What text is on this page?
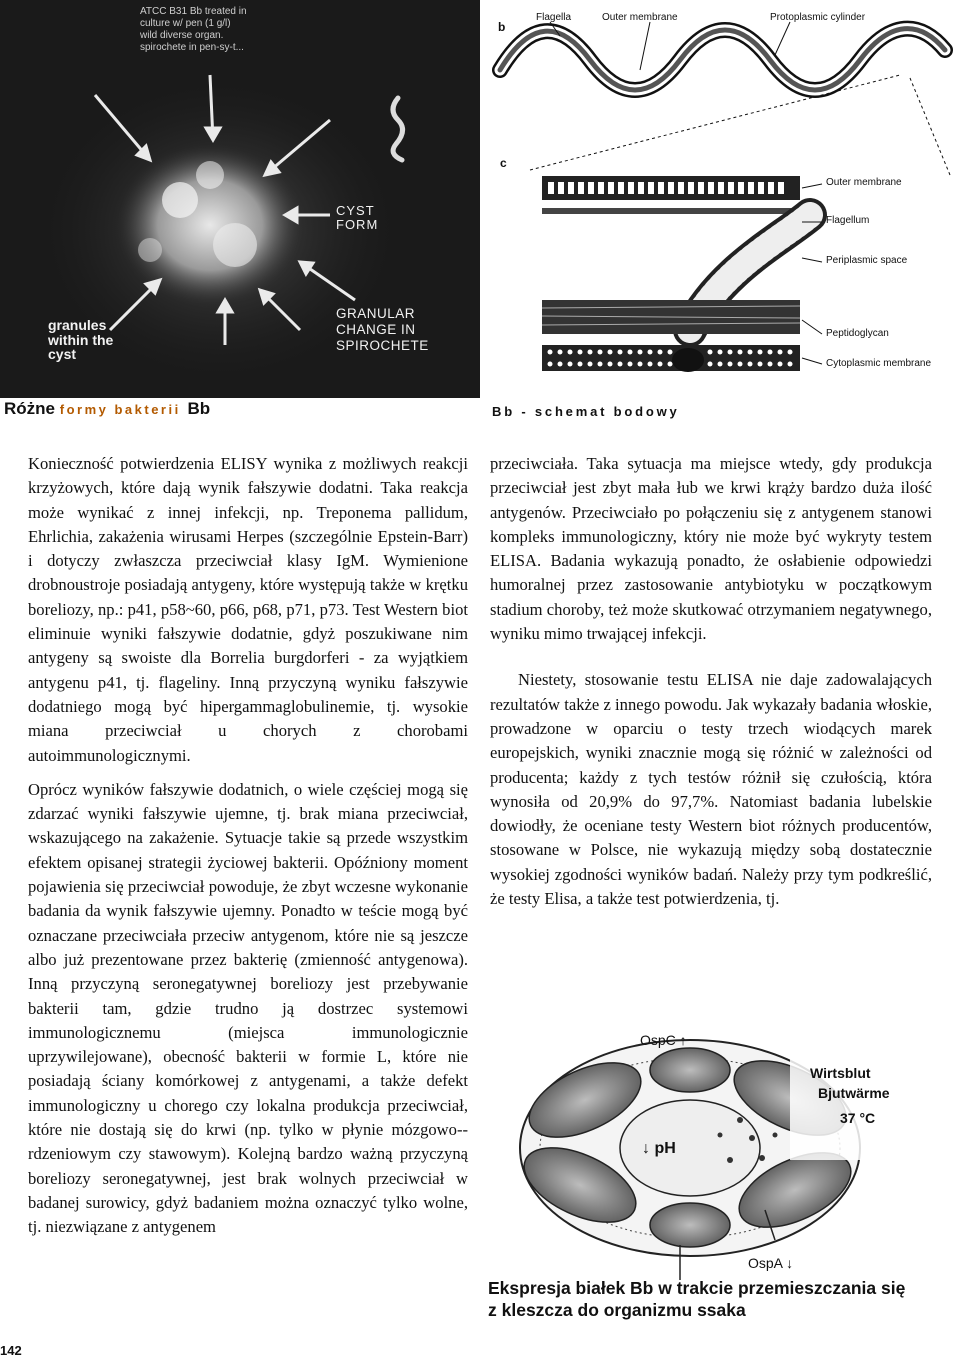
ATCC B31 Bb treated in
culture w/ pen (1 g/l)
wild diverse organ.
spirochete in pen-sy-t...
CYST
FORM
granules
within the
cyst
GRANULAR
CHANGE IN
SPIROCHETE
b
Flagella	Outer membrane	Protoplasmic cylinder
c
Outer membrane
Flagellum
Periplasmic space
Peptidoglycan
Cytoplasmic membrane
Różne formy bakterii Bb	Bb - schemat bodowy

Konieczność potwierdzenia ELISY wynika z możliwych reakcji krzyżowych, które dają wynik fałszywie dodatni. Taka reakcja może wynikać z innej infekcji, np. Treponema pallidum, Ehrlichia, zakażenia wirusami Herpes (szczególnie Epstein-Barr) i dotyczy zwłaszcza przeciwciał klasy IgM. Wymienione drobnoustroje posiadają antygeny, które występują także w krętku boreliozy, np.: p41, p58~60, p66, p68, p71, p73. Test Western biot eliminuie wyniki fałszywie dodatnie, gdyż poszukiwane nim antygeny są swoiste dla Borrelia burgdorferi - za wyjątkiem antygenu p41, tj. flageliny. Inną przyczyną wyniku fałszywie dodatniego mogą być hipergammaglobulinemie, tj. wysokie miana przeciwciał u chorych z chorobami autoimmunologicznymi.

Oprócz wyników fałszywie dodatnich, o wiele częściej mogą się zdarzać wyniki fałszywie ujemne, tj. brak miana przeciwciał, wskazującego na zakażenie. Sytuacje takie są przede wszystkim efektem opisanej strategii życiowej bakterii. Opóźniony moment pojawienia się przeciwciał powoduje, że zbyt wczesne wykonanie badania da wynik fałszywie ujemny. Ponadto w teście mogą być oznaczane przeciwciała przeciw antygenom, które nie są jeszcze albo już prezentowane przez bakterię (zmienność antygenowa). Inną przyczyną seronegatywnej boreliozy jest przebywanie bakterii tam, gdzie trudno ją dostrzec systemowi immunologicznemu (miejsca immunologicznie uprzywilejowane), obecność bakterii w formie L, które nie posiadają ściany komórkowej z antygenami, a także defekt immunologiczny u chorego czy lokalna produkcja przeciwciał, które nie dostają się do krwi (np. tylko w płynie mózgowo--rdzeniowym czy stawowym). Kolejną bardzo ważną przyczyną boreliozy seronegatywnej, jest brak wolnych przeciwciał w badanej surowicy, gdyż badaniem można oznaczyć tylko wolne, tj. niezwiązane z antygenem

przeciwciała. Taka sytuacja ma miejsce wtedy, gdy produkcja przeciwciał jest zbyt mała łub we krwi krąży bardzo duża ilość antygenów. Przeciwciało po połączeniu się z antygenem stanowi kompleks immunologiczny, który nie może być wykryty testem ELISA. Badania wykazują ponadto, że osłabienie odpowiedzi humoralnej przez zastosowanie antybiotyku w początkowym stadium choroby, też może skutkować otrzymaniem negatywnego, wyniku mimo trwającej infekcji.

Niestety, stosowanie testu ELISA nie daje zadowalających rezultatów także z innego powodu. Jak wykazały badania włoskie, prowadzone w oparciu o testy trzech wiodących marek europejskich, wyniki znacznie mogą się różnić w zależności od producenta; każdy z tych testów różnił się czułością, która wynosiła od 20,9% do 97,7%. Natomiast badania lubelskie dowiodły, że oceniane testy Western biot różnych producentów, stosowane w Polsce, nie wykazują między sobą dostatecznie wysokiej zgodności wyników badań. Należy przy tym podkreślić, że testy Elisa, a także test potwierdzenia, tj.

OspC ↑
Wirtsblut
Bjutwärme
37 °C
↓ pH
OspA ↓
Ekspresja białek Bb w trakcie przemieszczania się
z kleszcza do organizmu ssaka
142
